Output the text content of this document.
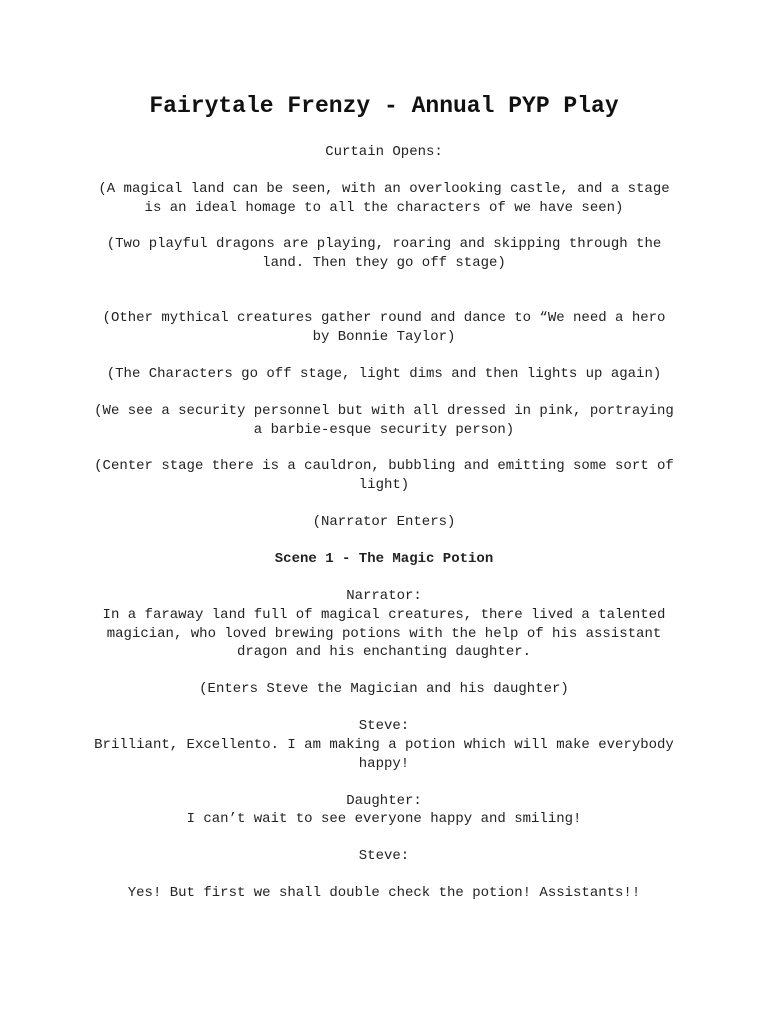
Fairytale Frenzy - Annual PYP Play

Curtain Opens:

(A magical land can be seen, with an overlooking castle, and a stage
is an ideal homage to all the characters of we have seen)

(Two playful dragons are playing, roaring and skipping through the
land. Then they go off stage)

(Other mythical creatures gather round and dance to “We need a hero
by Bonnie Taylor)

(The Characters go off stage, light dims and then lights up again)

(We see a security personnel but with all dressed in pink, portraying
a barbie-esque security person)

(Center stage there is a cauldron, bubbling and emitting some sort of
light)

(Narrator Enters)

Scene 1 - The Magic Potion

Narrator:

In a faraway land full of magical creatures, there lived a talented
magician, who loved brewing potions with the help of his assistant
dragon and his enchanting daughter.

(Enters Steve the Magician and his daughter)

Steve:

Brilliant, Excellento. I am making a potion which will make everybody
happy!

Daughter:

I can’t wait to see everyone happy and smiling!

Steve:

Yes! But first we shall double check the potion! Assistants!!
